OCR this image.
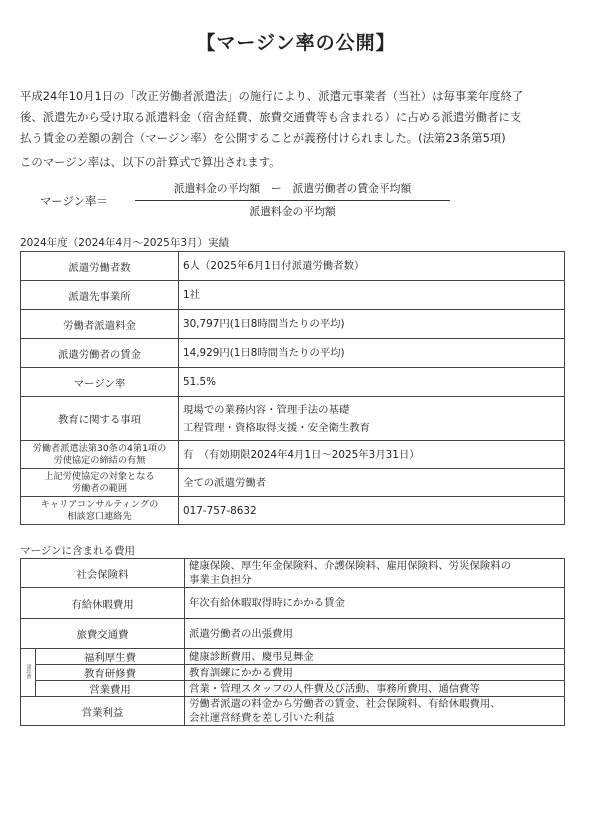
【マージン率の公開】

平成24年10月1日の「改正労働者派遣法」の施行により、派遣元事業者（当社）は毎事業年度終了

後、派遣先から受け取る派遣料金（宿舎経費、旅費交通費等も含まれる）に占める派遣労働者に支

払う賃金の差額の割合（マージン率）を公開することが義務付けられました。(法第23条第5項)

このマージン率は、以下の計算式で算出されます。
マージン率＝
派遣料金の平均額　ー　派遣労働者の賃金平均額
派遣料金の平均額
2024年度（2024年4月～2025年3月）実績
派遣労働者数	6人（2025年6月1日付派遣労働者数）
派遣先事業所	1社
労働者派遣料金	30,797円(1日8時間当たりの平均)
派遣労働者の賃金	14,929円(1日8時間当たりの平均)
マージン率	51.5%
教育に関する事項	現場での業務内容・管理手法の基礎
工程管理・資格取得支援・安全衛生教育

労働者派遣法第30条の4第1項の
労使協定の締結の有無	有　（有効期限2024年4月1日～2025年3月31日）

上記労使協定の対象となる
労働者の範囲	全ての派遣労働者

キャリアコンサルティングの
相談窓口連絡先	017-757-8632
マージンに含まれる費用
社会保険料		健康保険、厚生年金保険料、介護保険料、雇用保険料、労災保険料の
事業主負担分

有給休暇費用		年次有給休暇取得時にかかる賃金
旅費交通費		派遣労働者の出張費用
諸経費	福利厚生費	健康診断費用、慶弔見舞金
	教育研修費	教育訓練にかかる費用
	営業費用	営業・管理スタッフの人件費及び活動、事務所費用、通信費等
営業利益		労働者派遣の料金から労働者の賃金、社会保険料、有給休暇費用、
会社運営経費を差し引いた利益
